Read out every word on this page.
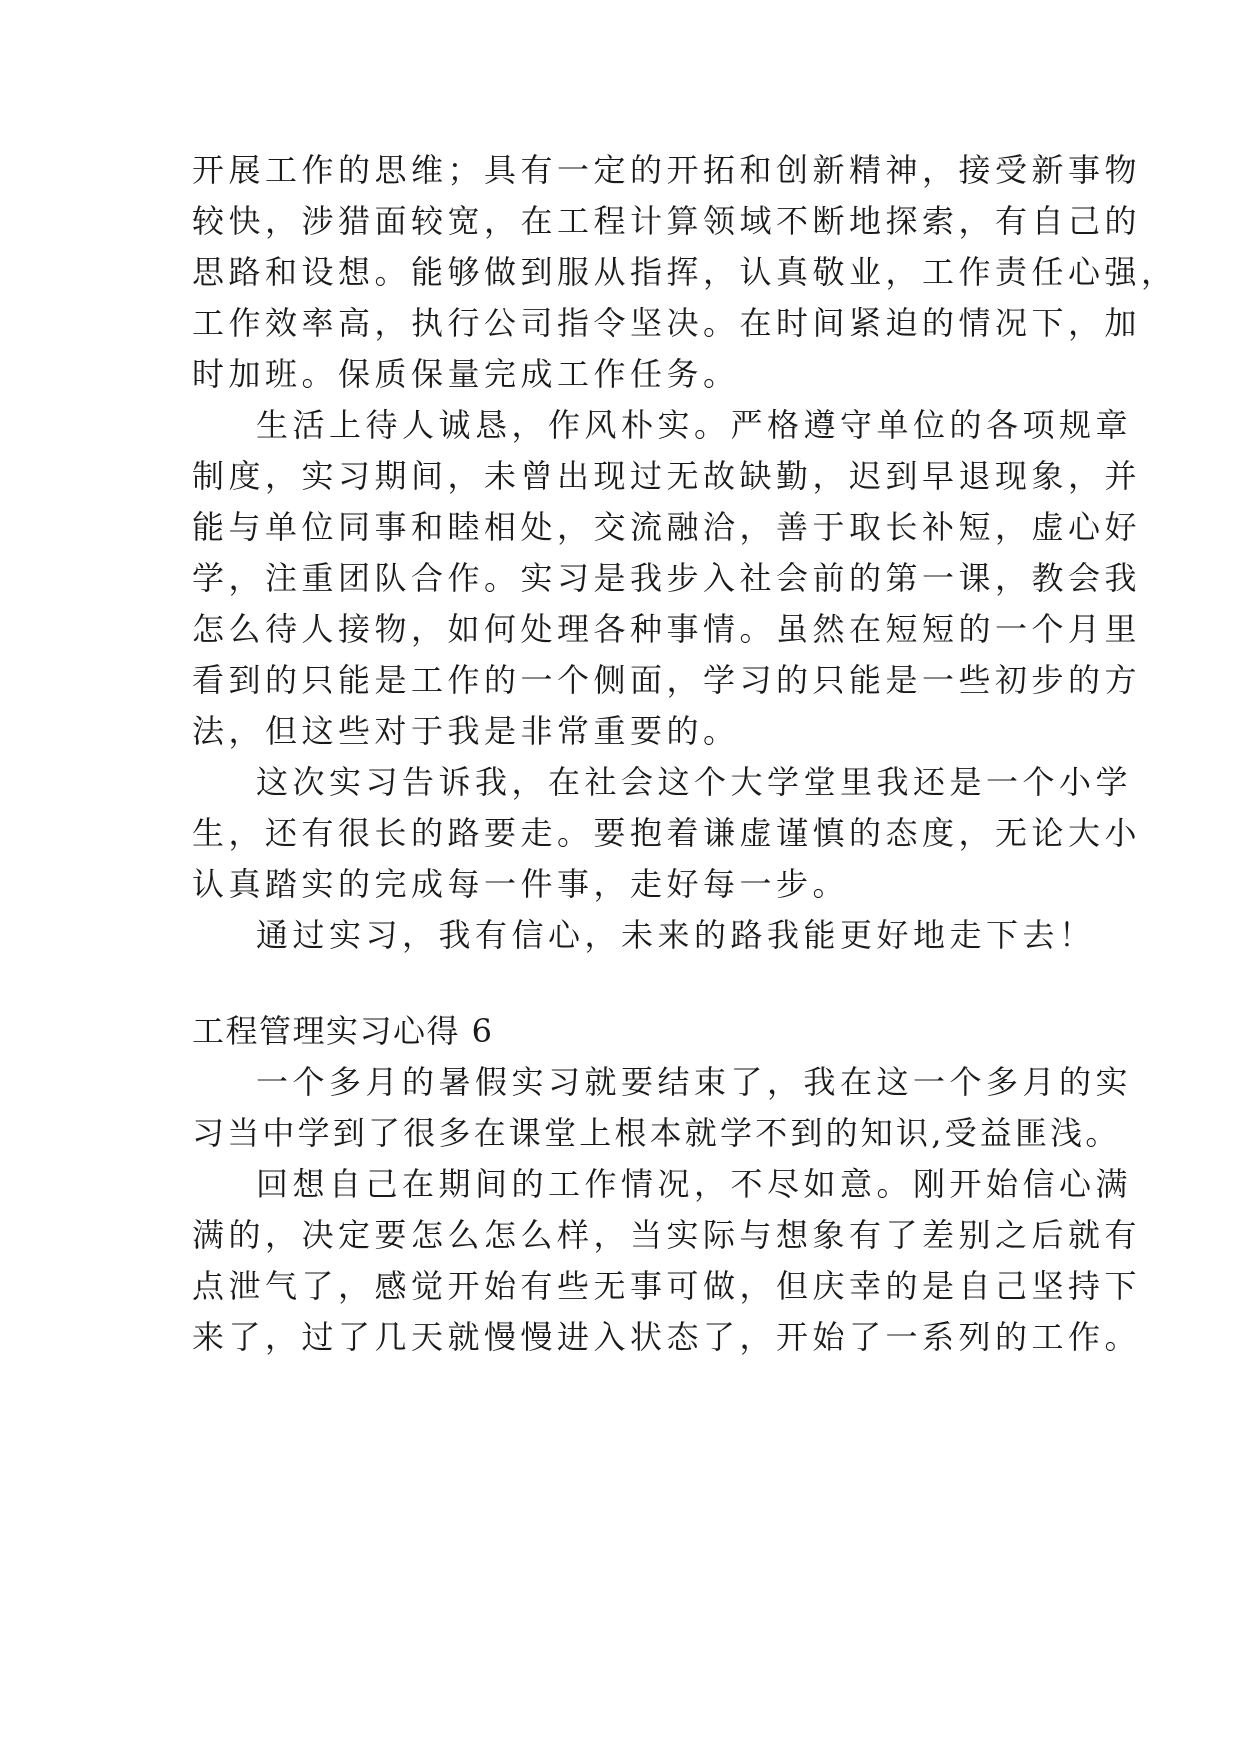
开展工作的思维；具有一定的开拓和创新精神，接受新事物
较快，涉猎面较宽，在工程计算领域不断地探索，有自己的
思路和设想。能够做到服从指挥，认真敬业，工作责任心强，
工作效率高，执行公司指令坚决。在时间紧迫的情况下，加
时加班。保质保量完成工作任务。
生活上待人诚恳，作风朴实。严格遵守单位的各项规章
制度，实习期间，未曾出现过无故缺勤，迟到早退现象，并
能与单位同事和睦相处，交流融洽，善于取长补短，虚心好
学，注重团队合作。实习是我步入社会前的第一课，教会我
怎么待人接物，如何处理各种事情。虽然在短短的一个月里
看到的只能是工作的一个侧面，学习的只能是一些初步的方
法，但这些对于我是非常重要的。
这次实习告诉我，在社会这个大学堂里我还是一个小学
生，还有很长的路要走。要抱着谦虚谨慎的态度，无论大小
认真踏实的完成每一件事，走好每一步。
通过实习，我有信心，未来的路我能更好地走下去！
工程管理实习心得 6
一个多月的暑假实习就要结束了，我在这一个多月的实
习当中学到了很多在课堂上根本就学不到的知识,受益匪浅。
回想自己在期间的工作情况，不尽如意。刚开始信心满
满的，决定要怎么怎么样，当实际与想象有了差别之后就有
点泄气了，感觉开始有些无事可做，但庆幸的是自己坚持下
来了，过了几天就慢慢进入状态了，开始了一系列的工作。
